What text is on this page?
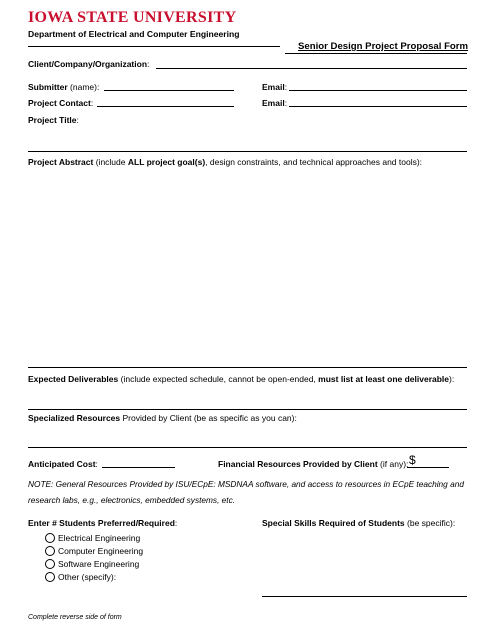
IOWA STATE UNIVERSITY
Department of Electrical and Computer Engineering
Senior Design Project Proposal Form
Client/Company/Organization:
Submitter (name):	Email:
Project Contact:	Email:
Project Title:
Project Abstract (include ALL project goal(s), design constraints, and technical approaches and tools):
Expected Deliverables (include expected schedule, cannot be open-ended, must list at least one deliverable):
Specialized Resources Provided by Client (be as specific as you can):
Anticipated Cost:	Financial Resources Provided by Client (if any): $
NOTE: General Resources Provided by ISU/ECpE: MSDNAA software, and access to resources in ECpE teaching and research labs, e.g., electronics, embedded systems, etc.
Enter # Students Preferred/Required:
Electrical Engineering
Computer Engineering
Software Engineering
Other (specify):
Special Skills Required of Students (be specific):
Complete reverse side of form
